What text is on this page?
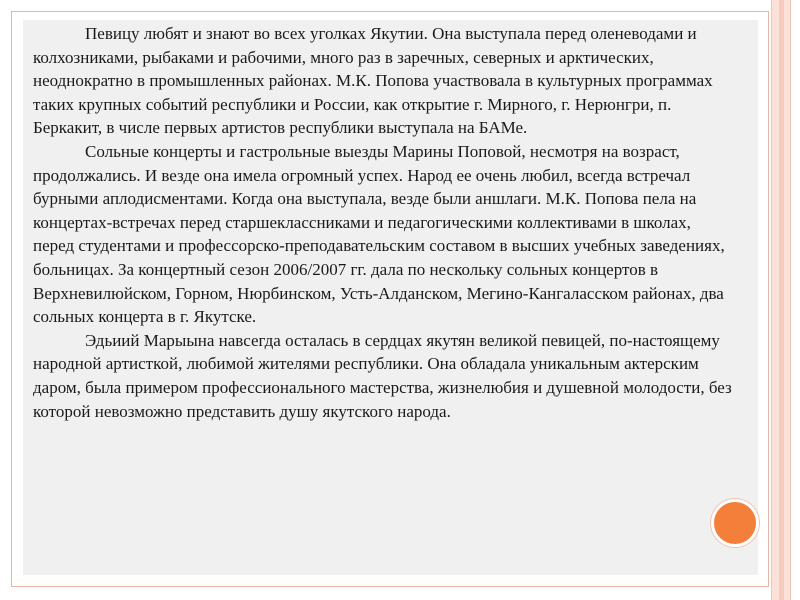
Певицу любят и знают во всех уголках Якутии. Она выступала перед оленеводами и колхозниками, рыбаками и рабочими, много раз в заречных, северных и арктических, неоднократно в промышленных районах. М.К. Попова участвовала в культурных программах таких крупных событий республики и России, как открытие г. Мирного, г. Нерюнгри, п. Беркакит, в числе первых артистов республики выступала на БАМе.

Сольные концерты и гастрольные выезды Марины Поповой, несмотря на возраст, продолжались. И везде она имела огромный успех. Народ ее очень любил, всегда встречал бурными аплодисментами. Когда она выступала, везде были аншлаги. М.К. Попова пела на концертах-встречах перед старшеклассниками и педагогическими коллективами в школах, перед студентами и профессорско-преподавательским составом в высших учебных заведениях, больницах. За концертный сезон 2006/2007 гг. дала по нескольку сольных концертов в Верхневилюйском, Горном, Нюрбинском, Усть-Алданском, Мегино-Кангаласском районах, два сольных концерта в г. Якутске.

Эдьиий Марыына навсегда осталась в сердцах якутян великой певицей, по-настоящему народной артисткой, любимой жителями республики. Она обладала уникальным актерским даром, была примером профессионального мастерства, жизнелюбия и душевной молодости, без которой невозможно представить душу якутского народа.
